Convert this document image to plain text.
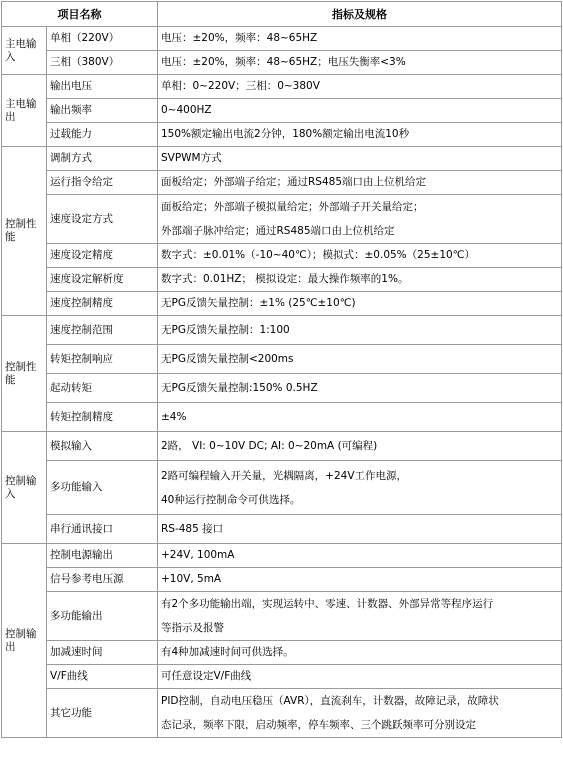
项目名称		指标及规格
主电输入	单相（220V）	电压：±20%，频率：48~65HZ

	三相（380V）	电压：±20%，频率：48~65HZ；电压失衡率<3%

主电输出	输出电压	单相：0~220V；三相：0~380V

	输出频率	0~400HZ

	过载能力	150%额定输出电流2分钟，180%额定输出电流10秒

控制性能	调制方式	SVPWM方式

	运行指令给定	面板给定；外部端子给定；通过RS485端口由上位机给定

	速度设定方式	面板给定；外部端子模拟量给定；外部端子开关量给定；
外部端子脉冲给定；通过RS485端口由上位机给定

	速度设定精度	数字式：±0.01%（-10~40℃）；模拟式：±0.05%（25±10℃）

	速度设定解析度	数字式：0.01HZ； 模拟设定：最大操作频率的1%。

	速度控制精度	无PG反馈矢量控制：±1% (25℃±10℃)

控制性能	速度控制范围	无PG反馈矢量控制：1:100

	转矩控制响应	无PG反馈矢量控制<200ms

	起动转矩	无PG反馈矢量控制:150% 0.5HZ

	转矩控制精度	±4%

控制输入	模拟输入	2路， VI: 0~10V DC; AI: 0~20mA (可编程)

	多功能输入	2路可编程输入开关量，光耦隔离，+24V工作电源，
40种运行控制命令可供选择。

	串行通讯接口	RS-485 接口

控制输出	控制电源输出	+24V, 100mA

	信号参考电压源	+10V, 5mA

	多功能输出	有2个多功能输出端，实现运转中、零速、计数器、外部异常等程序运行
等指示及报警

	加减速时间	有4种加减速时间可供选择。

	V/F曲线	可任意设定V/F曲线

	其它功能	PID控制，自动电压稳压（AVR），直流刹车，计数器，故障记录，故障状
态记录，频率下限，启动频率，停车频率、三个跳跃频率可分别设定
